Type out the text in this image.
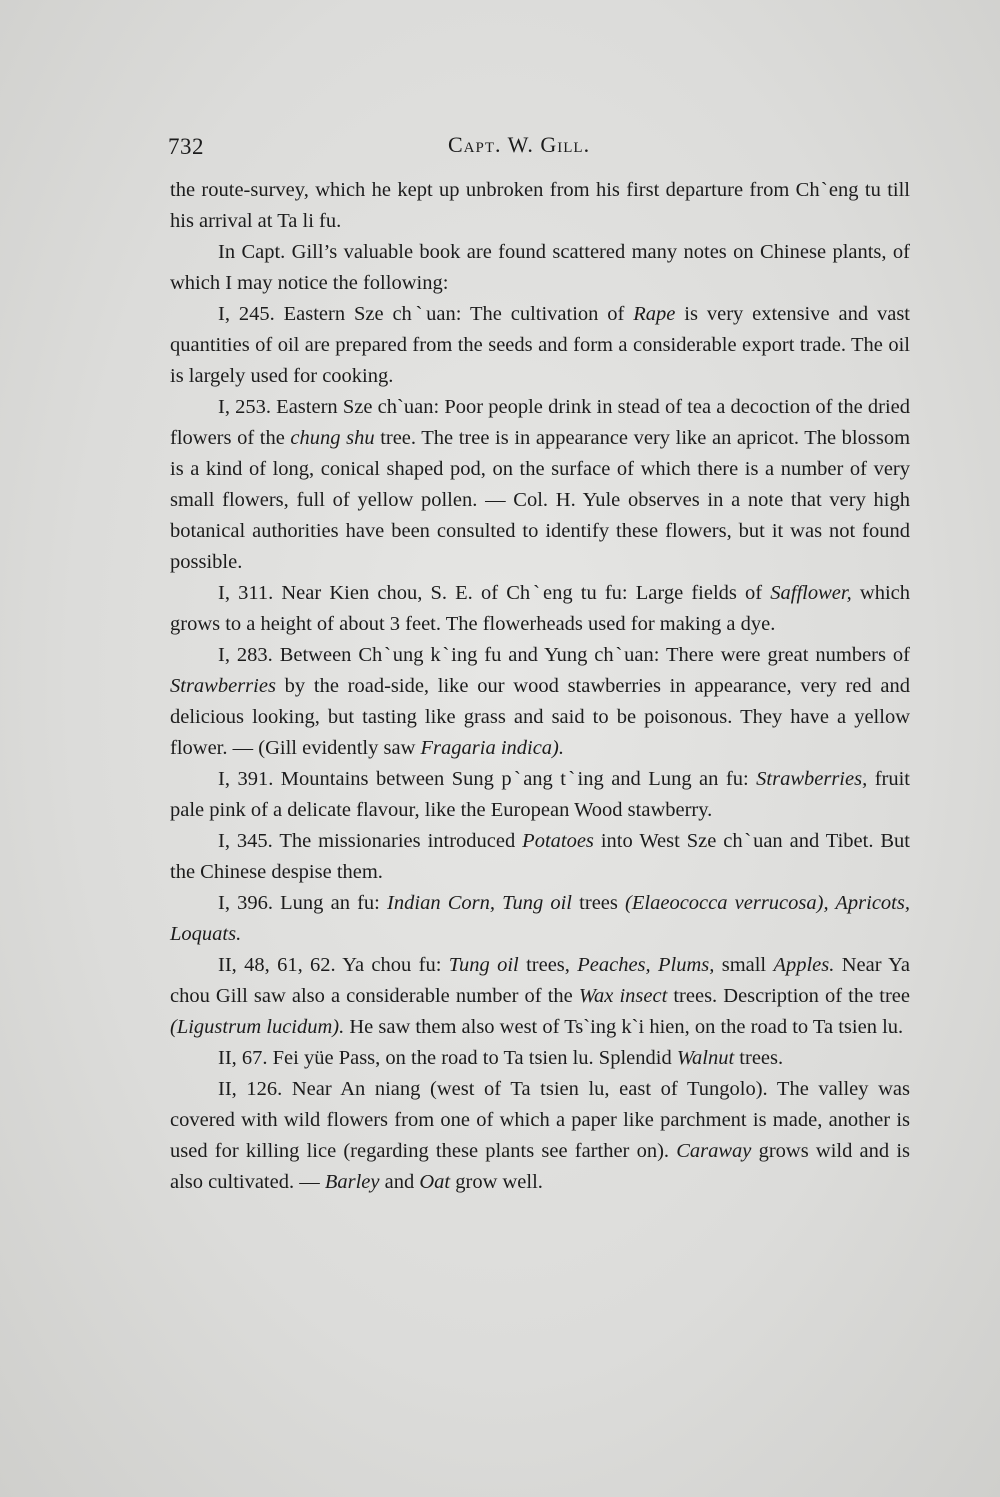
732	Capt. W. Gill.

the route-survey, which he kept up unbroken from his first departure from Chˋeng tu till his arrival at Ta li fu.

In Capt. Gill’s valuable book are found scattered many notes on Chinese plants, of which I may notice the following:

I, 245. Eastern Sze chˋuan: The cultivation of Rape is very extensive and vast quantities of oil are prepared from the seeds and form a considerable export trade. The oil is largely used for cooking.

I, 253. Eastern Sze chˋuan: Poor people drink in stead of tea a decoction of the dried flowers of the chung shu tree. The tree is in appearance very like an apricot. The blossom is a kind of long, conical shaped pod, on the surface of which there is a number of very small flowers, full of yellow pollen. — Col. H. Yule observes in a note that very high botanical authorities have been consulted to identify these flowers, but it was not found possible.

I, 311. Near Kien chou, S. E. of Chˋeng tu fu: Large fields of Safflower, which grows to a height of about 3 feet. The flowerheads used for making a dye.

I, 283. Between Chˋung kˋing fu and Yung chˋuan: There were great numbers of Strawberries by the road-side, like our wood stawberries in appearance, very red and delicious looking, but tasting like grass and said to be poisonous. They have a yellow flower. — (Gill evidently saw Fragaria indica).

I, 391. Mountains between Sung pˋang tˋing and Lung an fu: Strawberries, fruit pale pink of a delicate flavour, like the European Wood stawberry.

I, 345. The missionaries introduced Potatoes into West Sze chˋuan and Tibet. But the Chinese despise them.

I, 396. Lung an fu: Indian Corn, Tung oil trees (Elaeococca verrucosa), Apricots, Loquats.

II, 48, 61, 62. Ya chou fu: Tung oil trees, Peaches, Plums, small Apples. Near Ya chou Gill saw also a considerable number of the Wax insect trees. Description of the tree (Ligustrum lucidum). He saw them also west of Tsˋing kˋi hien, on the road to Ta tsien lu.

II, 67. Fei yüe Pass, on the road to Ta tsien lu. Splendid Walnut trees.

II, 126. Near An niang (west of Ta tsien lu, east of Tungolo). The valley was covered with wild flowers from one of which a paper like parchment is made, another is used for killing lice (regarding these plants see farther on). Caraway grows wild and is also cultivated. — Barley and Oat grow well.
